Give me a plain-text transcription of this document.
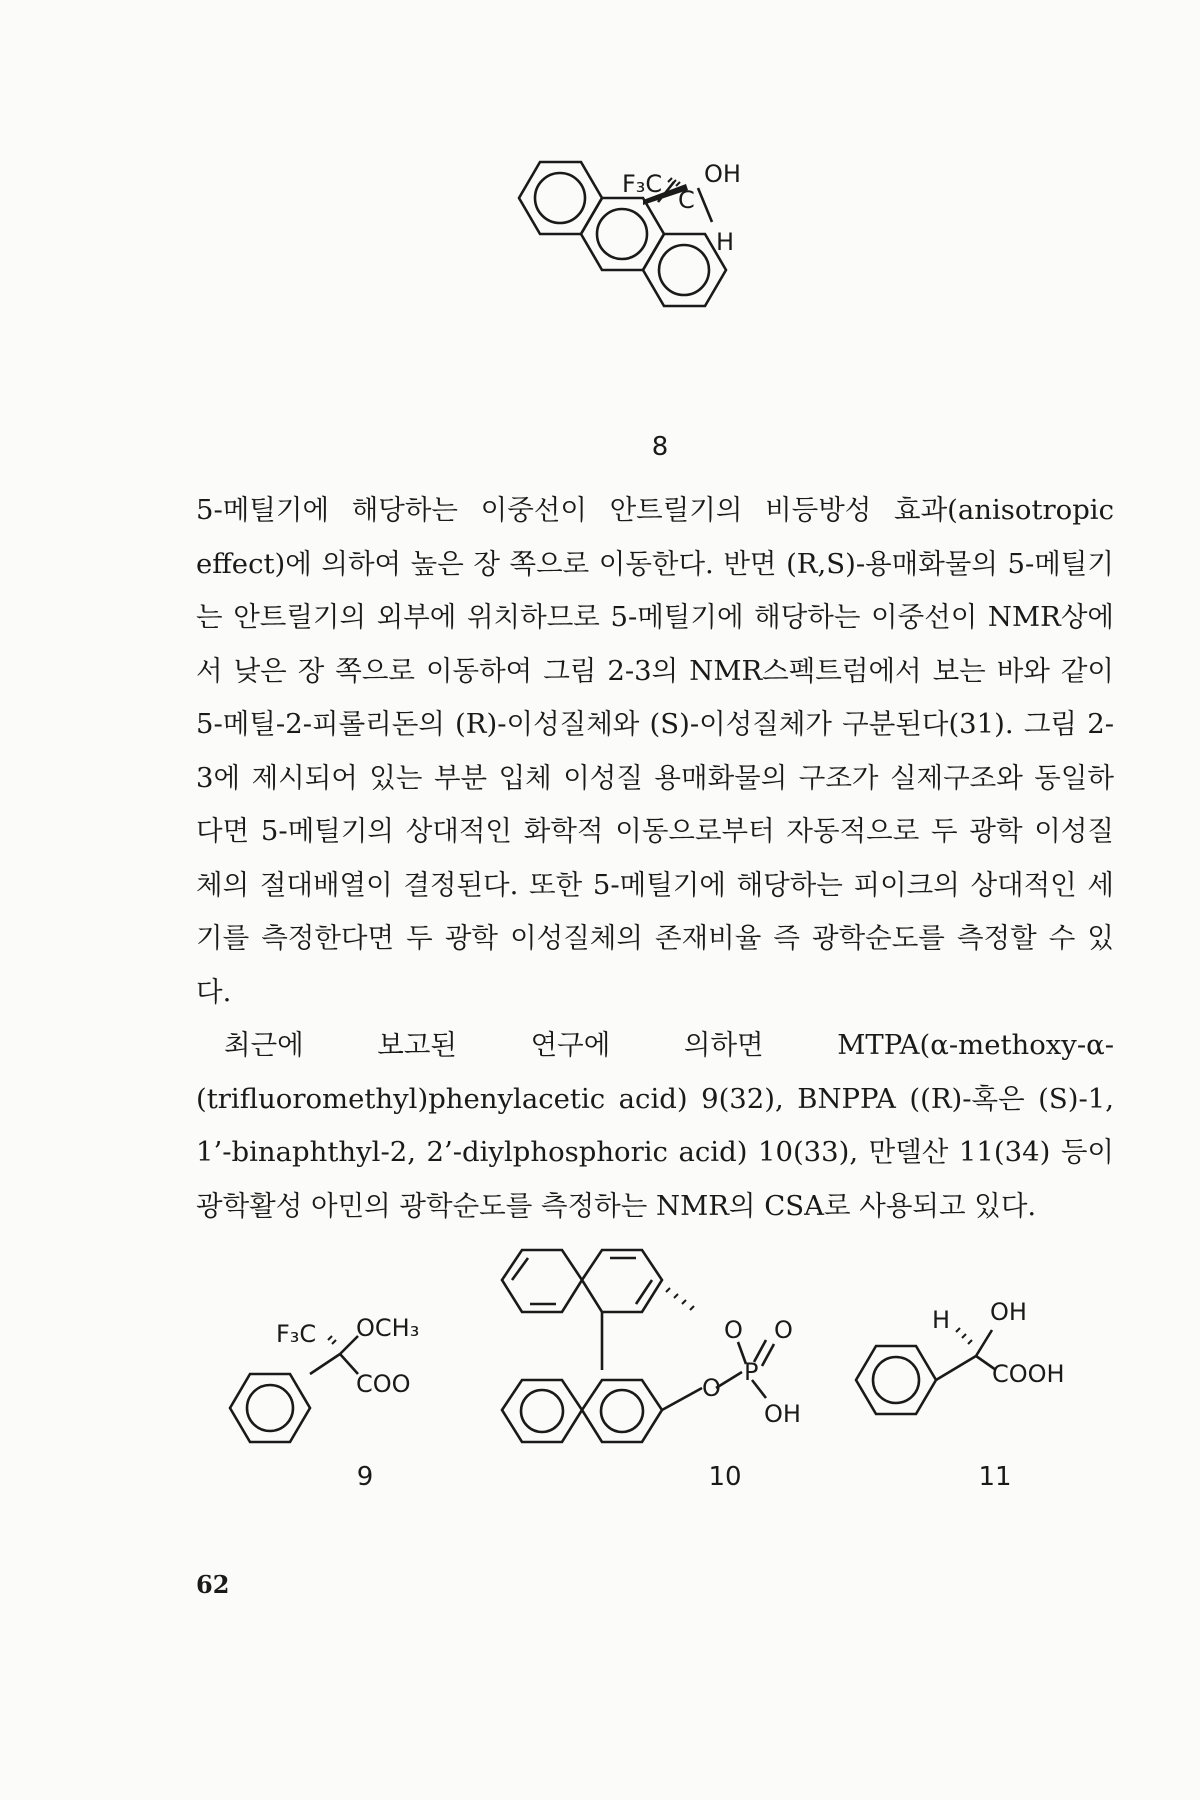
F₃C
C
OH
H
8

5-메틸기에 해당하는 이중선이 안트릴기의 비등방성 효과(anisotropic effect)에 의하여 높은 장 쪽으로 이동한다. 반면 (R,S)-용매화물의 5-메틸기는 안트릴기의 외부에 위치하므로 5-메틸기에 해당하는 이중선이 NMR상에서 낮은 장 쪽으로 이동하여 그림 2-3의 NMR스펙트럼에서 보는 바와 같이 5-메틸-2-피롤리돈의 (R)-이성질체와 (S)-이성질체가 구분된다(31). 그림 2-3에 제시되어 있는 부분 입체 이성질 용매화물의 구조가 실제구조와 동일하다면 5-메틸기의 상대적인 화학적 이동으로부터 자동적으로 두 광학 이성질체의 절대배열이 결정된다. 또한 5-메틸기에 해당하는 피이크의 상대적인 세기를 측정한다면 두 광학 이성질체의 존재비율 즉 광학순도를 측정할 수 있다.

최근에 보고된 연구에 의하면 MTPA(α-methoxy-α-(trifluoromethyl)phenylacetic acid) 9(32), BNPPA ((R)-혹은 (S)-1, 1’-binaphthyl-2, 2’-diylphosphoric acid) 10(33), 만델산 11(34) 등이 광학활성 아민의 광학순도를 측정하는 NMR의 CSA로 사용되고 있다.

F₃C OCH₃
COO
9
O O
P
O
OH
10
H OH
COOH
11
62
